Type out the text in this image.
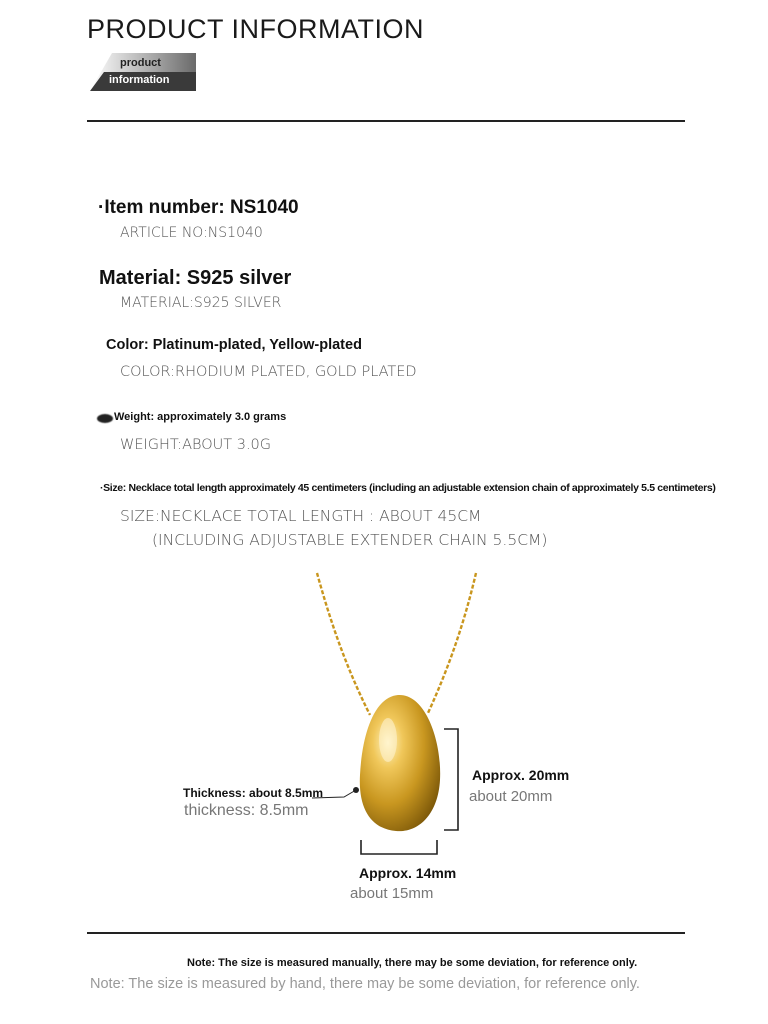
PRODUCT INFORMATION
product
information
·Item number: NS1040
ARTICLE NO:NS1040
Material: S925 silver
MATERIAL:S925 SILVER
Color: Platinum-plated, Yellow-plated
COLOR:RHODIUM PLATED, GOLD PLATED
Weight: approximately 3.0 grams
WEIGHT:ABOUT 3.0G
·Size: Necklace total length approximately 45 centimeters (including an adjustable extension chain of approximately 5.5 centimeters)
SIZE:NECKLACE TOTAL LENGTH : ABOUT 45CM
(INCLUDING ADJUSTABLE EXTENDER CHAIN 5.5CM)
Thickness: about 8.5mm
thickness: 8.5mm
Approx. 20mm
about 20mm
Approx. 14mm
about 15mm
Note: The size is measured manually, there may be some deviation, for reference only.
Note: The size is measured by hand, there may be some deviation, for reference only.
